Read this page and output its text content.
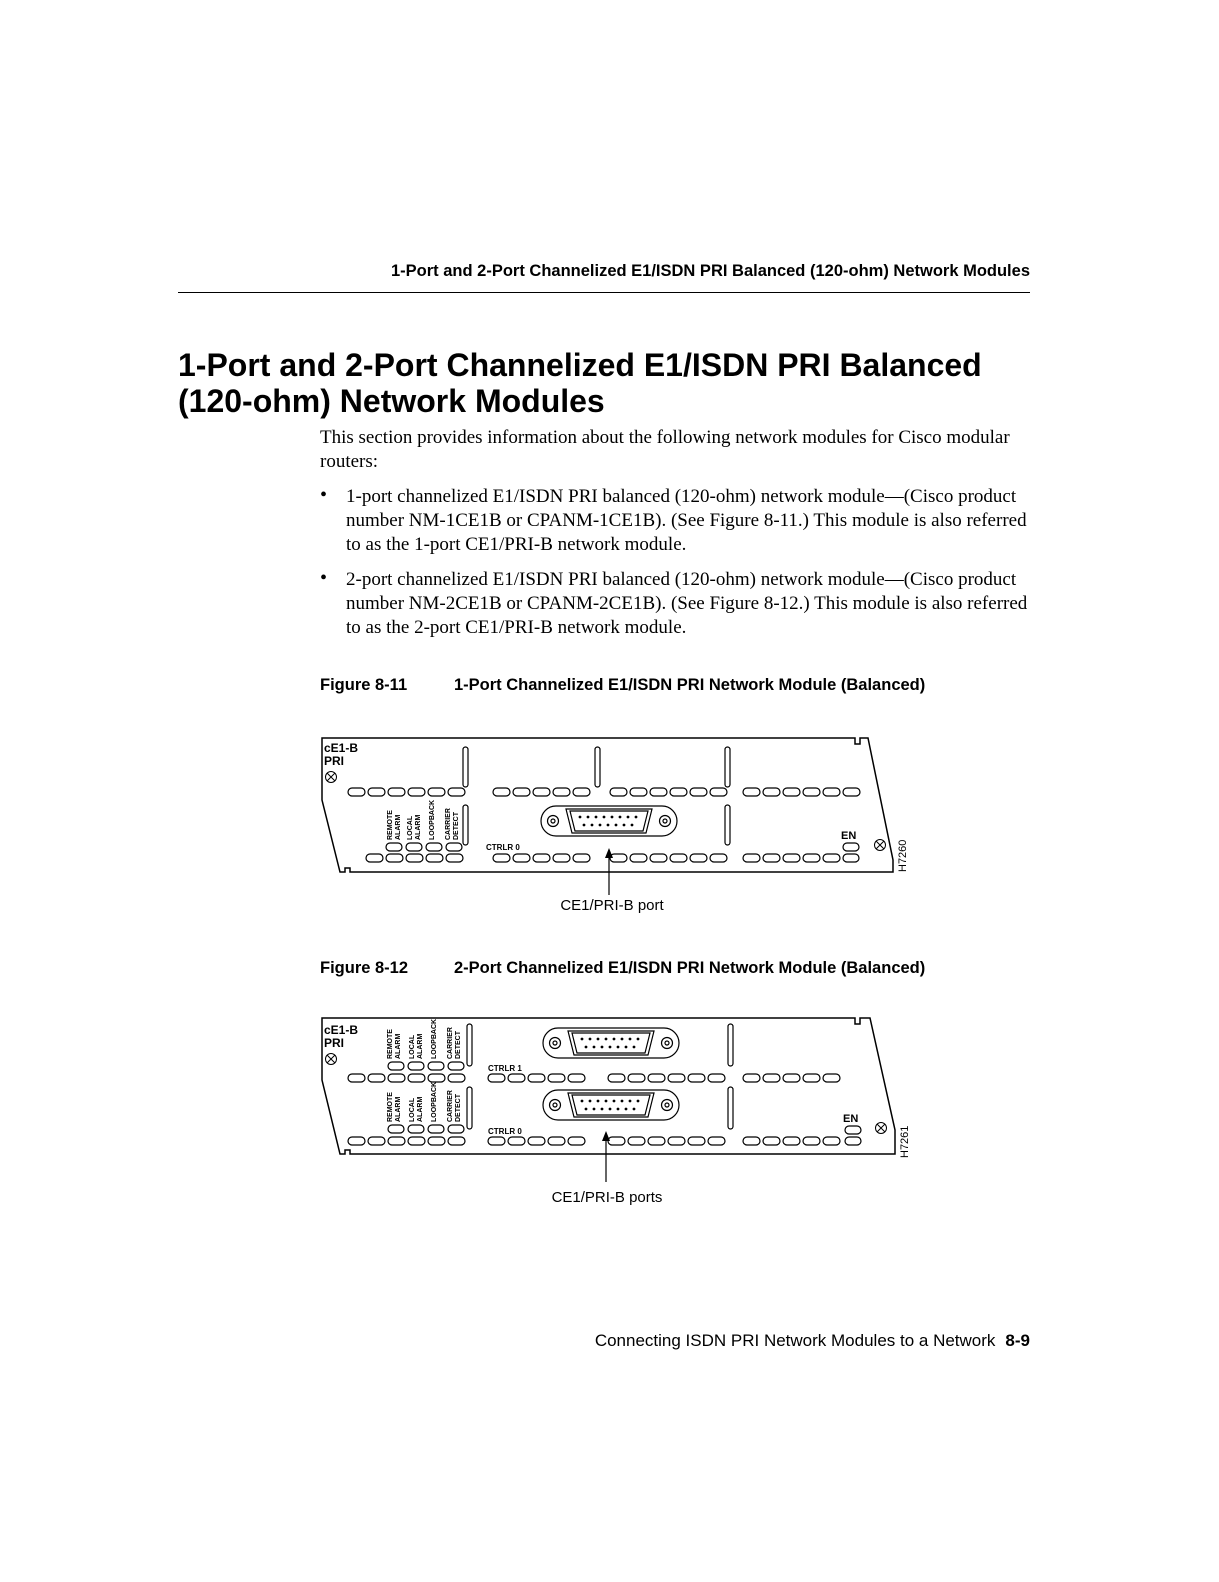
1-Port and 2-Port Channelized E1/ISDN PRI Balanced (120-ohm) Network Modules
1-Port and 2-Port Channelized E1/ISDN PRI Balanced
(120-ohm) Network Modules

This section provides information about the following network modules for Cisco modular routers:

• 1-port channelized E1/ISDN PRI balanced (120-ohm) network module—(Cisco product number NM-1CE1B or CPANM-1CE1B). (See Figure 8-11.) This module is also referred to as the 1-port CE1/PRI-B network module.
• 2-port channelized E1/ISDN PRI balanced (120-ohm) network module—(Cisco product number NM-2CE1B or CPANM-2CE1B). (See Figure 8-12.) This module is also referred to as the 2-port CE1/PRI-B network module.
Figure 8-11	1-Port Channelized E1/ISDN PRI Network Module (Balanced)
cE1-B
PRI
REMOTE ALARM LOCAL ALARM LOOPBACK CARRIER DETECT
CTRLR 0
EN
H7260
CE1/PRI-B port
Figure 8-12	2-Port Channelized E1/ISDN PRI Network Module (Balanced)
cE1-B
PRI	REMOTE ALARM LOCAL ALARM LOOPBACK CARRIER DETECT
CTRLR 1
REMOTE ALARM LOCAL ALARM LOOPBACK CARRIER DETECT
CTRLR 0
EN
H7261
CE1/PRI-B ports
Connecting ISDN PRI Network Modules to a Network 8-9
